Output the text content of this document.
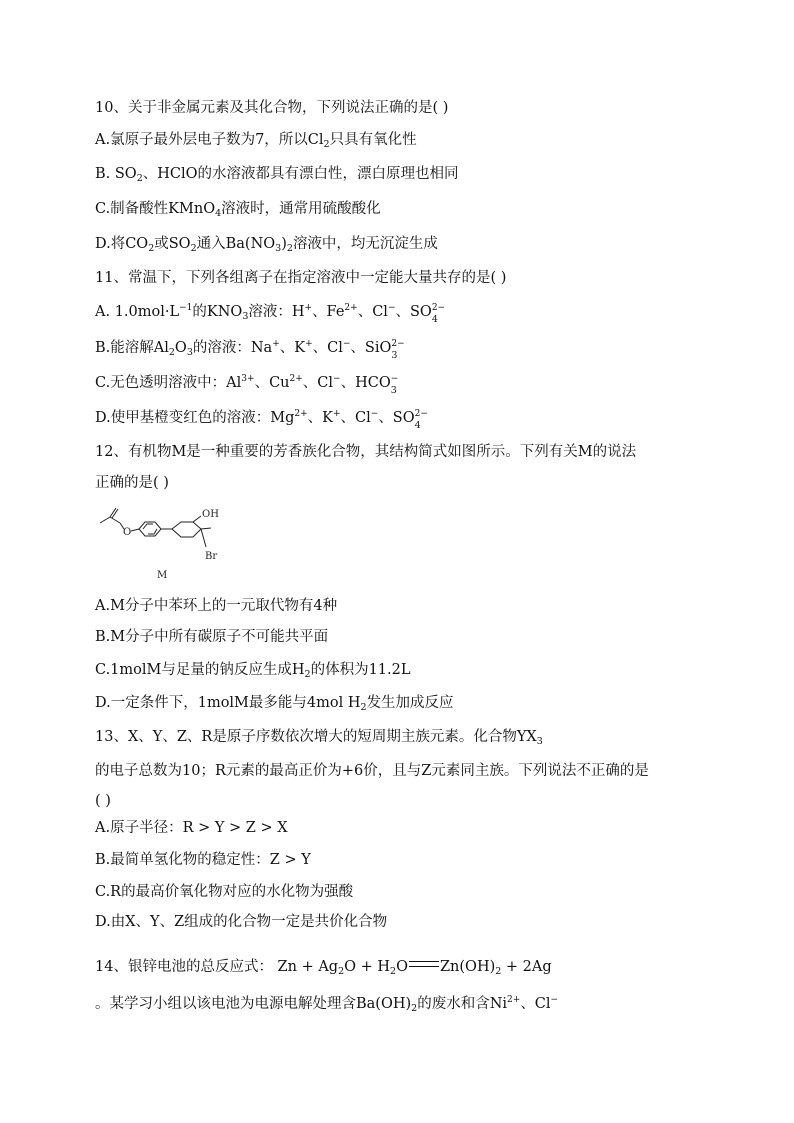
10、关于非金属元素及其化合物，下列说法正确的是( )
A.氯原子最外层电子数为7，所以$Cl_2$只具有氧化性
B. $SO_2$、HClO的水溶液都具有漂白性，漂白原理也相同
C.制备酸性KMnO$_4$溶液时，通常用硫酸酸化
D.将$CO_2$或$SO_2$通入$Ba(NO_3)_2$溶液中，均无沉淀生成
11、常温下，下列各组离子在指定溶液中一定能大量共存的是( )
A. $1.0mol\cdot L^{-1}$的$KNO_3$溶液：H+、$Fe^{2+}$、Cl−、SO 2−
4
B.能溶解$Al_2O_3$的溶液：Na+、K+、Cl−、SiO 2−
3
C.无色透明溶液中：$Al^{3+}$、$Cu^{2+}$、Cl−、HCO −
3
D.使甲基橙变红色的溶液：$Mg^{2+}$、K+、Cl−、SO 2−
4
12、有机物M是一种重要的芳香族化合物，其结构简式如图所示。下列有关M的说法
正确的是( )
O
OH
Br
M
A.M分子中苯环上的一元取代物有4种
B.M分子中所有碳原子不可能共平面
C.1molM与足量的钠反应生成$H_2$的体积为11.2L
D.一定条件下，1molM最多能与4mol $H_2$发生加成反应
13、X、Y、Z、R是原子序数依次增大的短周期主族元素。化合物$YX_3$
的电子总数为10；R元素的最高正价为+6价，且与Z元素同主族。下列说法不正确的是
( )
A.原子半径：R > Y > Z > X
B.最简单氢化物的稳定性：Z > Y
C.R的最高价氧化物对应的水化物为强酸
D.由X、Y、Z组成的化合物一定是共价化合物
14、银锌电池的总反应式： $Zn + Ag_2O + H_2O$ $Zn(OH)_2 + 2Ag$
。某学习小组以该电池为电源电解处理含$Ba(OH)_2$的废水和含$Ni^{2+}$、Cl−
